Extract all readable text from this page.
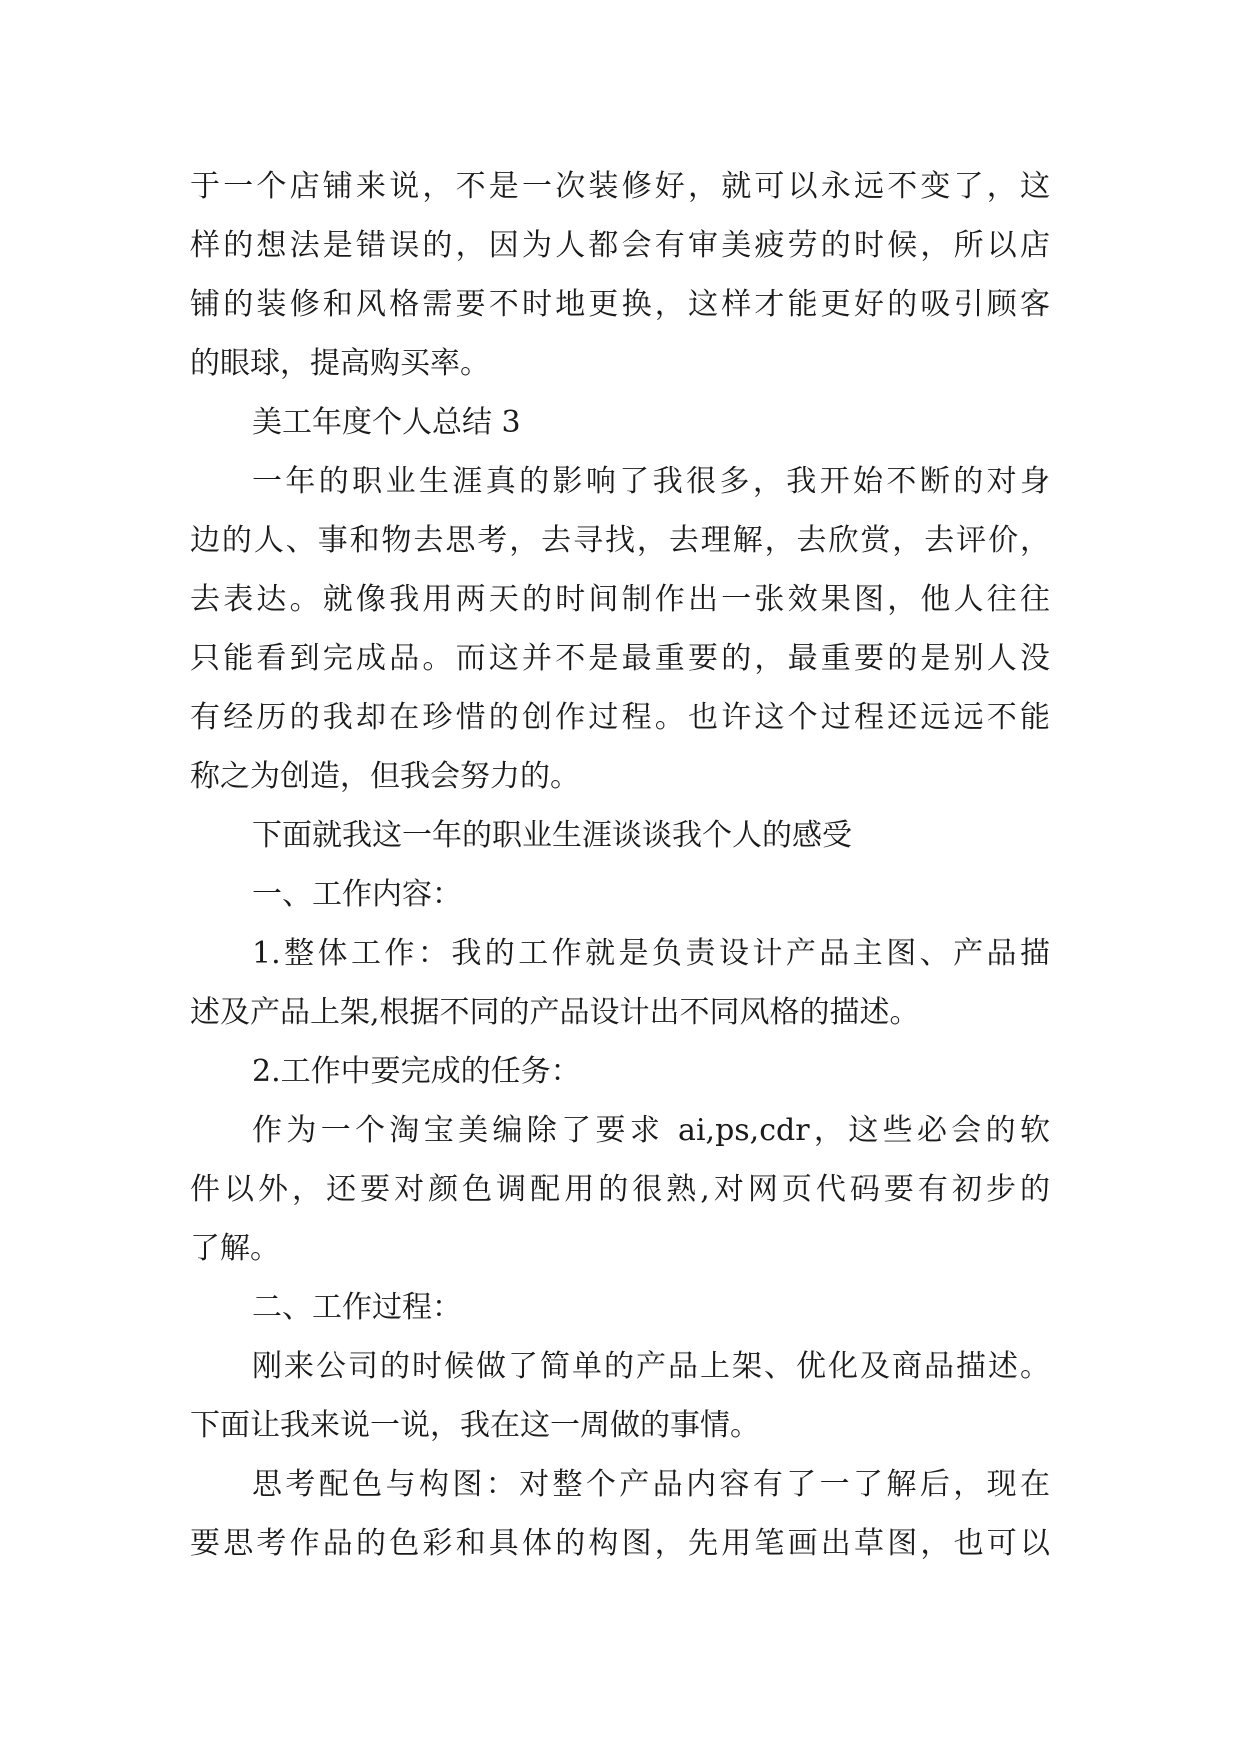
于一个店铺来说，不是一次装修好，就可以永远不变了，这
样的想法是错误的，因为人都会有审美疲劳的时候，所以店
铺的装修和风格需要不时地更换，这样才能更好的吸引顾客
的眼球，提高购买率。
美工年度个人总结 3
一年的职业生涯真的影响了我很多，我开始不断的对身
边的人、事和物去思考，去寻找，去理解，去欣赏，去评价，
去表达。就像我用两天的时间制作出一张效果图，他人往往
只能看到完成品。而这并不是最重要的，最重要的是别人没
有经历的我却在珍惜的创作过程。也许这个过程还远远不能
称之为创造，但我会努力的。
下面就我这一年的职业生涯谈谈我个人的感受
一、工作内容：
1.整体工作：我的工作就是负责设计产品主图、产品描
述及产品上架,根据不同的产品设计出不同风格的描述。
2.工作中要完成的任务：
作为一个淘宝美编除了要求 ai,ps,cdr，这些必会的软
件以外，还要对颜色调配用的很熟,对网页代码要有初步的
了解。
二、工作过程：
刚来公司的时候做了简单的产品上架、优化及商品描述。
下面让我来说一说，我在这一周做的事情。
思考配色与构图：对整个产品内容有了一了解后，现在
要思考作品的色彩和具体的构图，先用笔画出草图，也可以
